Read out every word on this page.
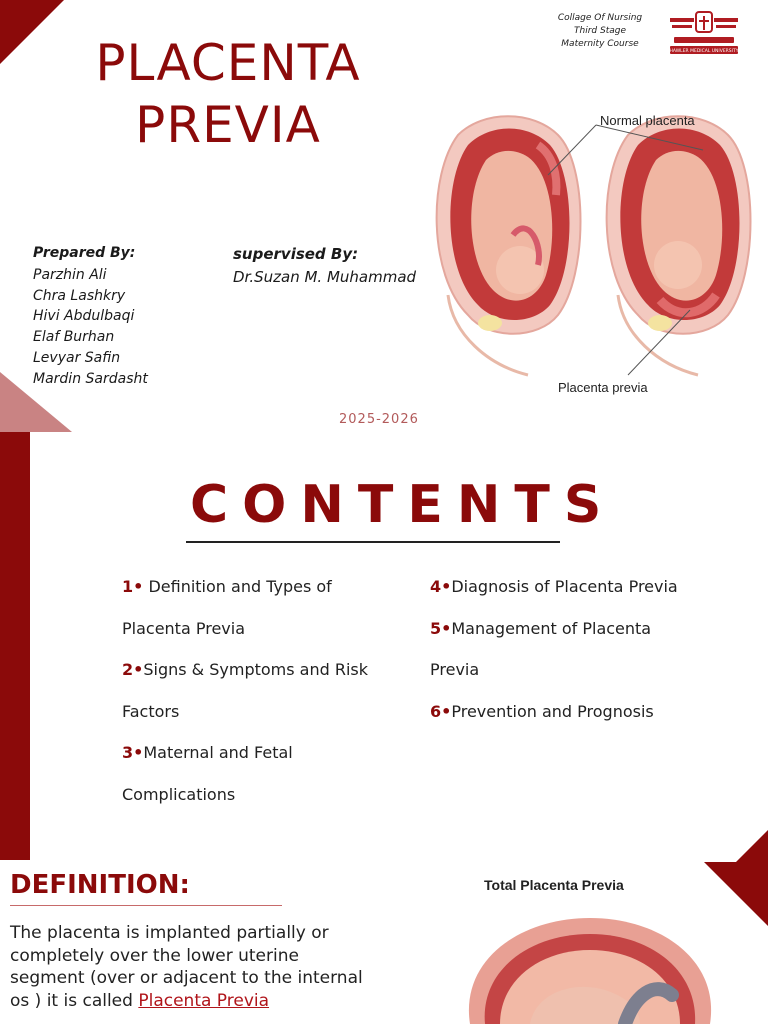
PLACENTA
PREVIA
Collage Of Nursing
Third Stage
Maternity Course
HAWLER MEDICAL UNIVERSITY
Prepared By:
Parzhin Ali
Chra Lashkry
Hivi Abdulbaqi
Elaf Burhan
Levyar Safin
Mardin Sardasht
supervised By:
Dr.Suzan M. Muhammad
Normal placenta
Placenta previa
2025-2026
CONTENTS
1• Definition and Types of Placenta Previa
2•Signs & Symptoms and Risk Factors
3•Maternal and Fetal Complications
4•Diagnosis of Placenta Previa
5•Management of Placenta Previa
6•Prevention and Prognosis
DEFINITION:
The placenta is implanted partially or completely over the lower uterine segment (over or adjacent to the internal os ) it is called Placenta Previa
Total Placenta Previa
